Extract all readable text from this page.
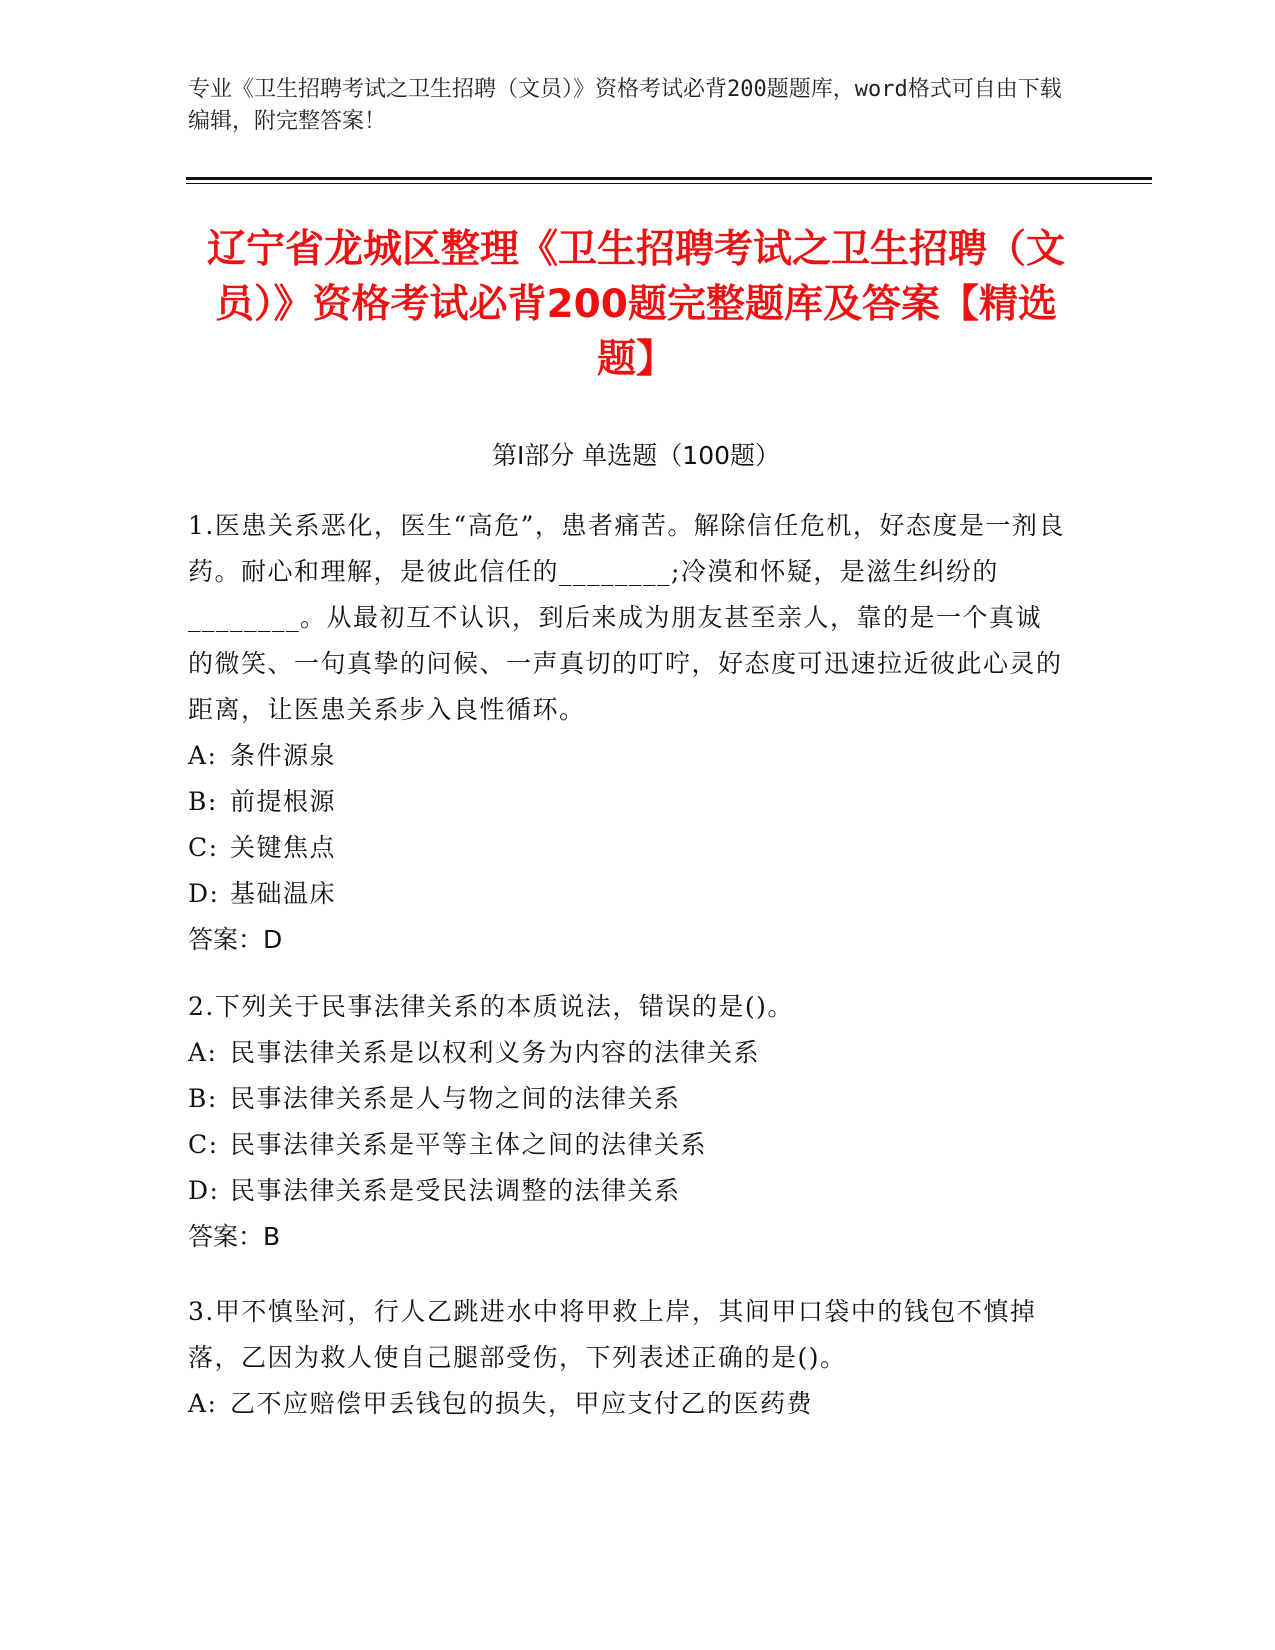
专业《卫生招聘考试之卫生招聘（文员）》资格考试必背200题题库，word格式可自由下载编辑，附完整答案！
辽宁省龙城区整理《卫生招聘考试之卫生招聘（文员）》资格考试必背200题完整题库及答案【精选题】
第Ⅰ部分 单选题（100题）

1.医患关系恶化，医生“高危”，患者痛苦。解除信任危机，好态度是一剂良药。耐心和理解，是彼此信任的________;冷漠和怀疑，是滋生纠纷的________。从最初互不认识，到后来成为朋友甚至亲人，靠的是一个真诚的微笑、一句真挚的问候、一声真切的叮咛，好态度可迅速拉近彼此心灵的距离，让医患关系步入良性循环。

A: 条件源泉

B: 前提根源

C: 关键焦点

D: 基础温床

答案：D

2.下列关于民事法律关系的本质说法，错误的是()。

A: 民事法律关系是以权利义务为内容的法律关系

B: 民事法律关系是人与物之间的法律关系

C: 民事法律关系是平等主体之间的法律关系

D: 民事法律关系是受民法调整的法律关系

答案：B

3.甲不慎坠河，行人乙跳进水中将甲救上岸，其间甲口袋中的钱包不慎掉落，乙因为救人使自己腿部受伤，下列表述正确的是()。

A: 乙不应赔偿甲丢钱包的损失，甲应支付乙的医药费
